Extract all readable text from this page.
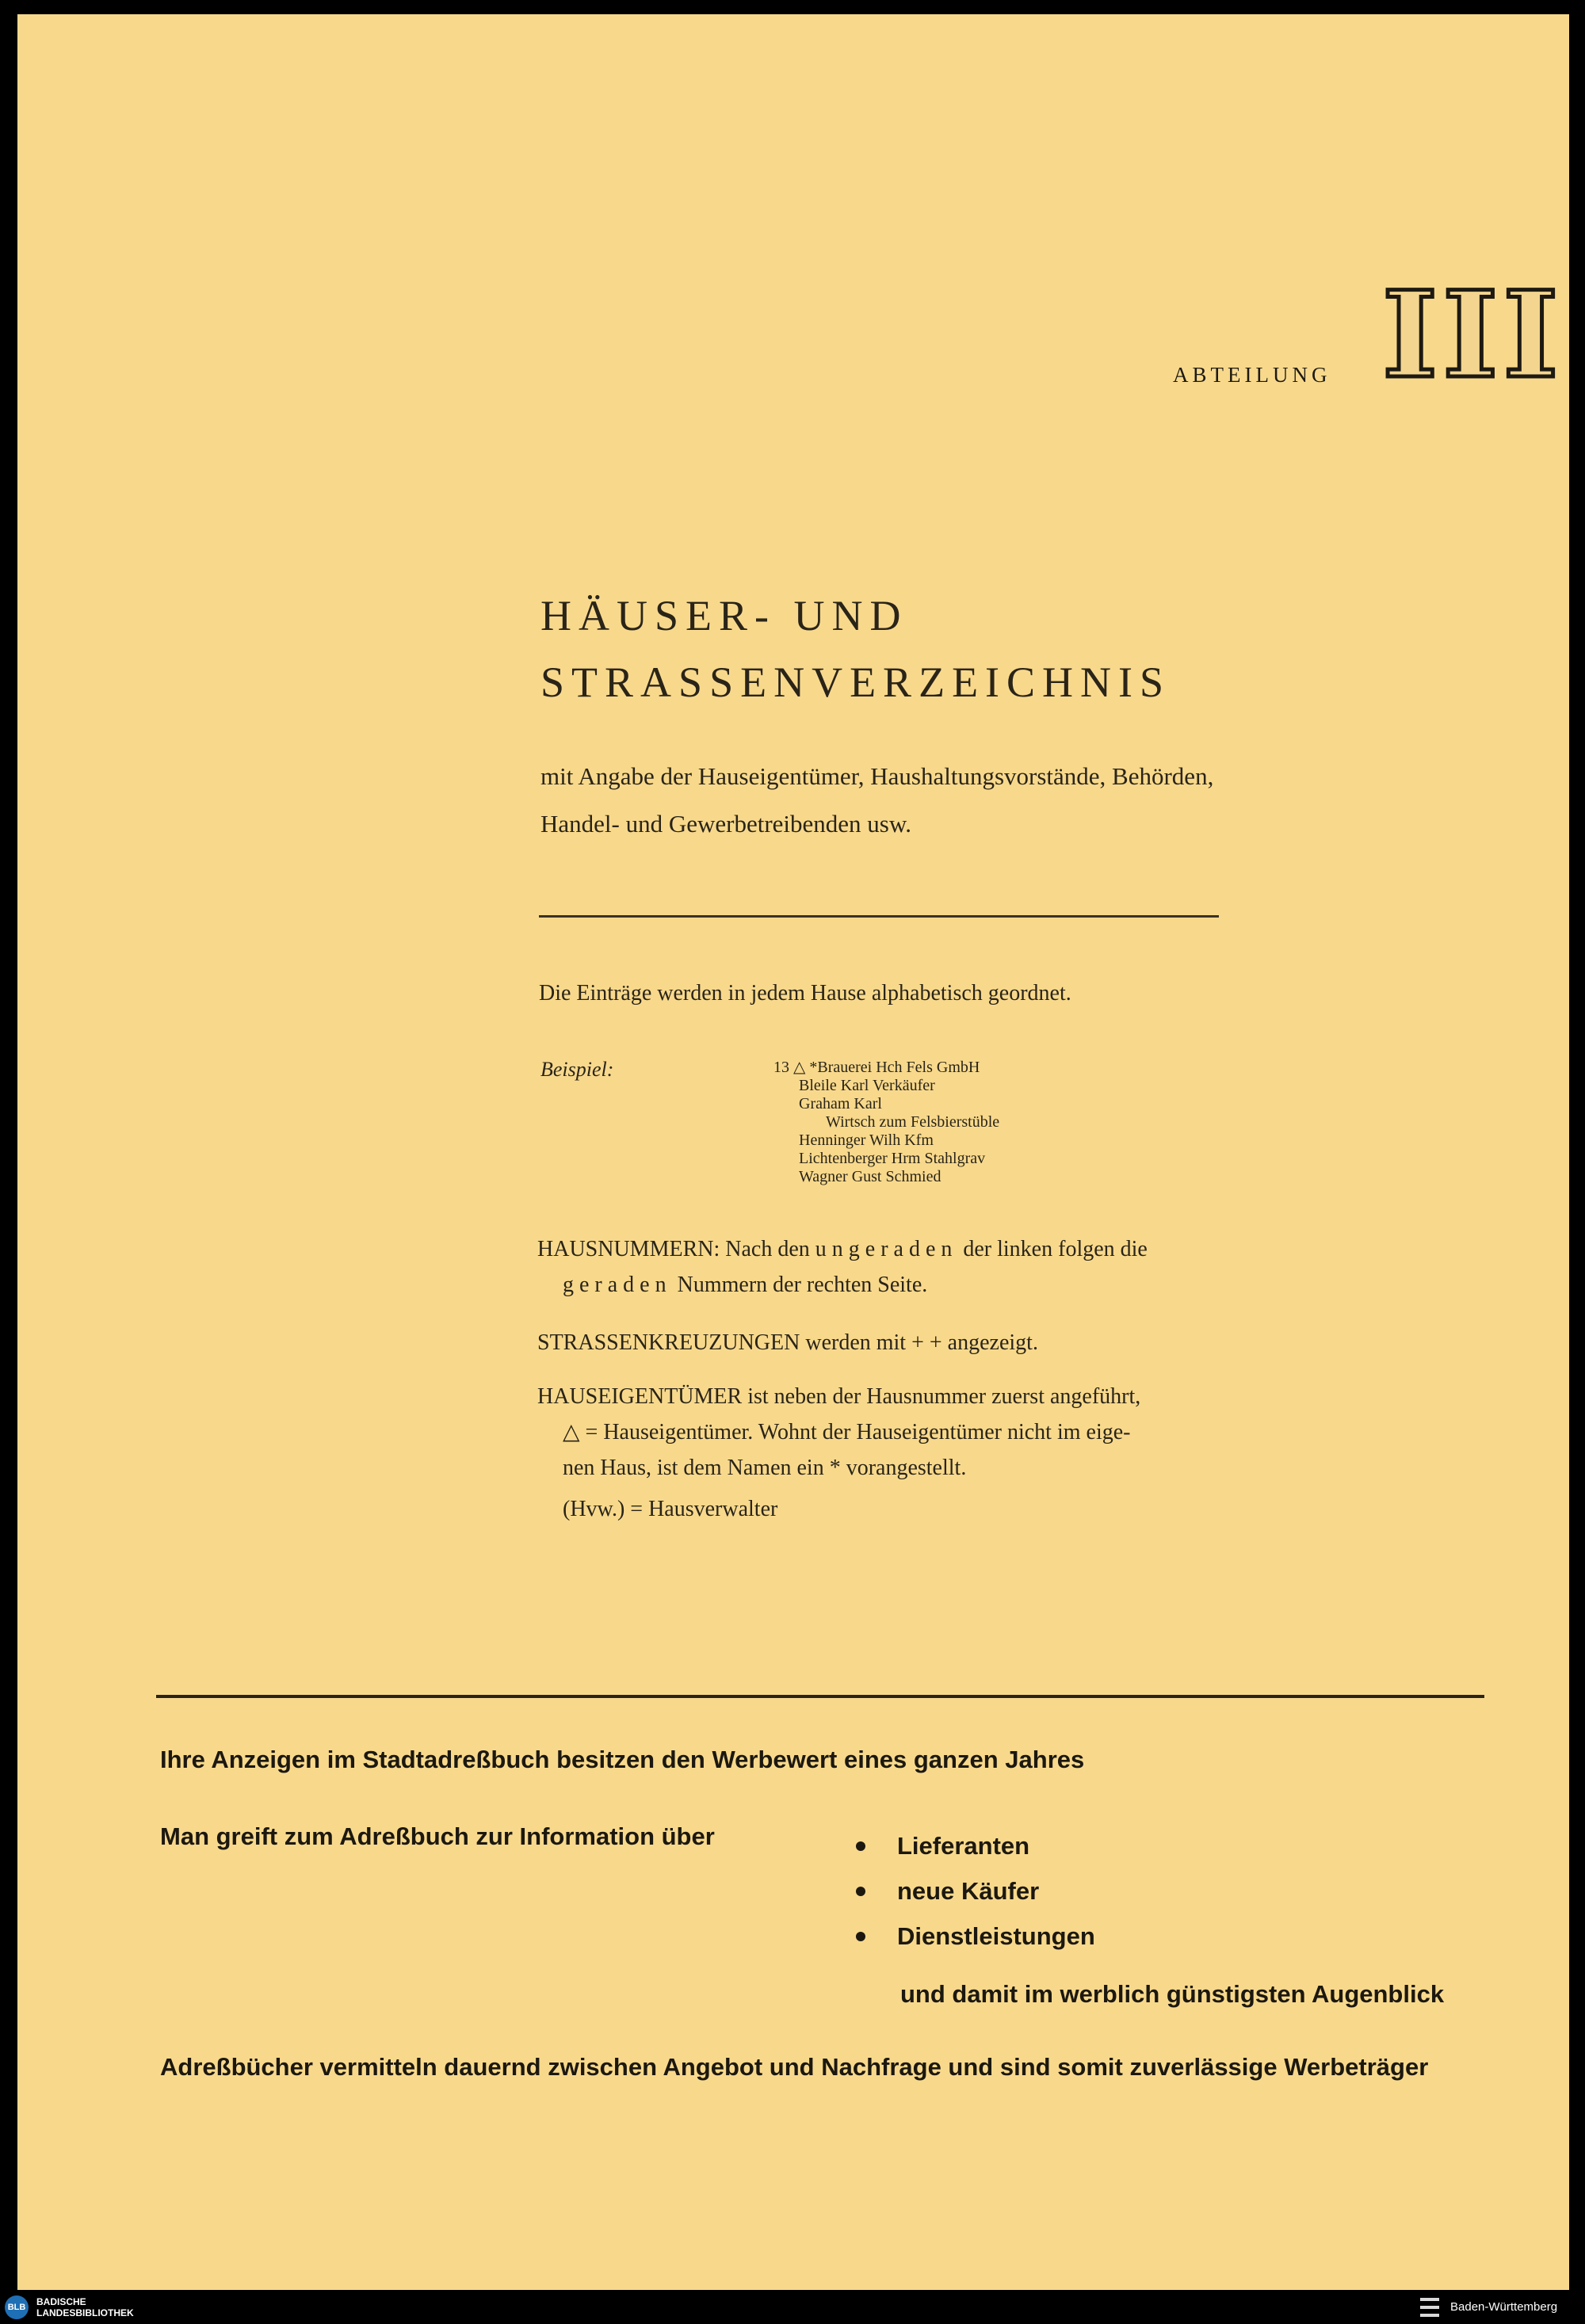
ABTEILUNG III
HÄUSER- UND
STRASSENVERZEICHNIS
mit Angabe der Hauseigentümer, Haushaltungsvorstände, Behörden, Handel- und Gewerbetreibenden usw.
Die Einträge werden in jedem Hause alphabetisch geordnet.
Beispiel:	13 △ *Brauerei Hch Fels GmbH
Bleile Karl Verkäufer
Graham Karl
Wirtsch zum Felsbierstüble
Henninger Wilh Kfm
Lichtenberger Hrm Stahlgrav
Wagner Gust Schmied
HAUSNUMMERN: Nach den ungeraden der linken folgen die
geraden Nummern der rechten Seite.
STRASSENKREUZUNGEN werden mit + + angezeigt.
HAUSEIGENTÜMER ist neben der Hausnummer zuerst angeführt,
△ = Hauseigentümer. Wohnt der Hauseigentümer nicht im eige-
nen Haus, ist dem Namen ein * vorangestellt.
(Hvw.) = Hausverwalter
Ihre Anzeigen im Stadtadreßbuch besitzen den Werbewert eines ganzen Jahres
Man greift zum Adreßbuch zur Information über	Lieferanten
neue Käufer
Dienstleistungen
und damit im werblich günstigsten Augenblick
Adreßbücher vermitteln dauernd zwischen Angebot und Nachfrage und sind somit zuverlässige Werbeträger
BLB	BADISCHE
LANDESBIBLIOTHEK	Baden-Württemberg
